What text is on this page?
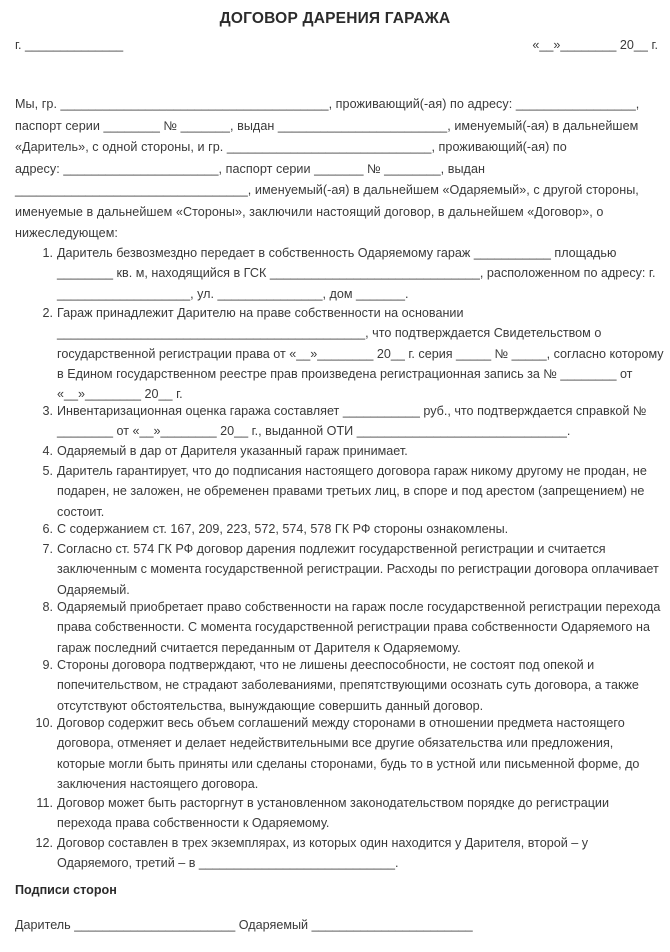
ДОГОВОР ДАРЕНИЯ ГАРАЖА
г. ______________	«__»________ 20__ г.
Мы, гр. ______________________________________, проживающий(-ая) по адресу: _________________,
паспорт серии ________ № _______, выдан ________________________, именуемый(-ая) в дальнейшем
«Даритель», с одной стороны, и гр. _____________________________, проживающий(-ая) по
адресу: ______________________, паспорт серии _______ № ________, выдан
_________________________________, именуемый(-ая) в дальнейшем «Одаряемый», с другой стороны,
именуемые в дальнейшем «Стороны», заключили настоящий договор, в дальнейшем «Договор», о
нижеследующем:
1. Даритель безвозмездно передает в собственность Одаряемому гараж ___________ площадью
________ кв. м, находящийся в ГСК ______________________________, расположенном по адресу: г.
___________________, ул. _______________, дом _______.
2. Гараж принадлежит Дарителю на праве собственности на основании
____________________________________________, что подтверждается Свидетельством о
государственной регистрации права от «__»________ 20__ г. серия _____ № _____, согласно которому
в Едином государственном реестре прав произведена регистрационная запись за № ________ от
«__»________ 20__ г.
3. Инвентаризационная оценка гаража составляет ___________ руб., что подтверждается справкой №
________ от «__»________ 20__ г., выданной ОТИ ______________________________.
4. Одаряемый в дар от Дарителя указанный гараж принимает.
5. Даритель гарантирует, что до подписания настоящего договора гараж никому другому не продан, не
подарен, не заложен, не обременен правами третьих лиц, в споре и под арестом (запрещением) не
состоит.
6. С содержанием ст. 167, 209, 223, 572, 574, 578 ГК РФ стороны ознакомлены.
7. Согласно ст. 574 ГК РФ договор дарения подлежит государственной регистрации и считается
заключенным с момента государственной регистрации. Расходы по регистрации договора оплачивает
Одаряемый.
8. Одаряемый приобретает право собственности на гараж после государственной регистрации перехода
права собственности. С момента государственной регистрации права собственности Одаряемого на
гараж последний считается переданным от Дарителя к Одаряемому.
9. Стороны договора подтверждают, что не лишены дееспособности, не состоят под опекой и
попечительством, не страдают заболеваниями, препятствующими осознать суть договора, а также
отсутствуют обстоятельства, вынуждающие совершить данный договор.
10. Договор содержит весь объем соглашений между сторонами в отношении предмета настоящего
договора, отменяет и делает недействительными все другие обязательства или предложения,
которые могли быть приняты или сделаны сторонами, будь то в устной или письменной форме, до
заключения настоящего договора.
11. Договор может быть расторгнут в установленном законодательством порядке до регистрации
перехода права собственности к Одаряемому.
12. Договор составлен в трех экземплярах, из которых один находится у Дарителя, второй – у
Одаряемого, третий – в ____________________________.
Подписи сторон
Даритель _______________________ Одаряемый _______________________
